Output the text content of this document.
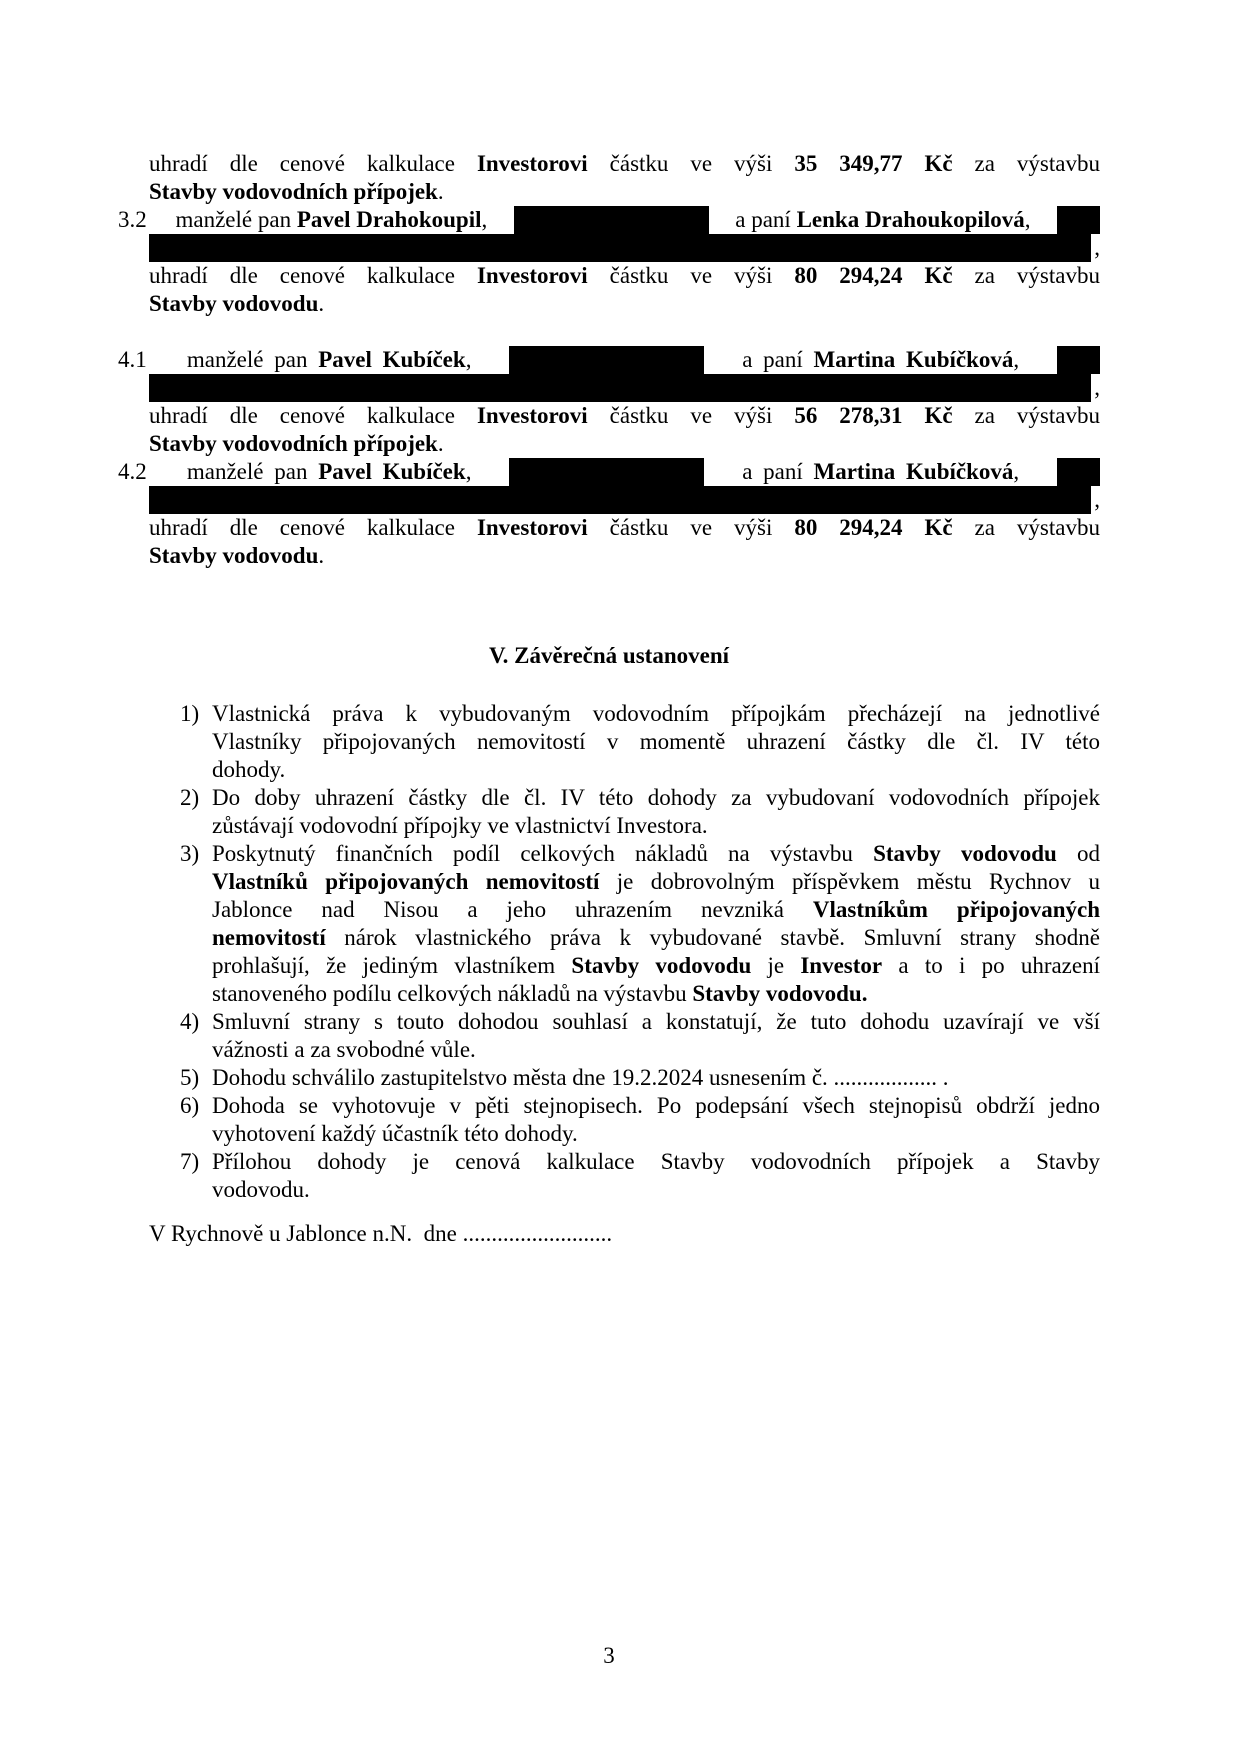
uhradí dle cenové kalkulace Investorovi částku ve výši 35 349,77 Kč za výstavbu
Stavby vodovodních přípojek.
3.2 manželé pan Pavel Drahokoupil,	a paní Lenka Drahoukopilová,
,
uhradí dle cenové kalkulace Investorovi částku ve výši 80 294,24 Kč za výstavbu
Stavby vodovodu.
4.1 manželé pan Pavel Kubíček,	a paní Martina Kubíčková,
,
uhradí dle cenové kalkulace Investorovi částku ve výši 56 278,31 Kč za výstavbu
Stavby vodovodních přípojek.
4.2 manželé pan Pavel Kubíček,	a paní Martina Kubíčková,
,
uhradí dle cenové kalkulace Investorovi částku ve výši 80 294,24 Kč za výstavbu
Stavby vodovodu.
V. Závěrečná ustanovení
1) Vlastnická práva k vybudovaným vodovodním přípojkám přecházejí na jednotlivé
Vlastníky připojovaných nemovitostí v momentě uhrazení částky dle čl. IV této
dohody.
2) Do doby uhrazení částky dle čl. IV této dohody za vybudovaní vodovodních přípojek
zůstávají vodovodní přípojky ve vlastnictví Investora.
3) Poskytnutý finančních podíl celkových nákladů na výstavbu Stavby vodovodu od
Vlastníků připojovaných nemovitostí je dobrovolným příspěvkem městu Rychnov u
Jablonce nad Nisou a jeho uhrazením nevzniká Vlastníkům připojovaných
nemovitostí nárok vlastnického práva k vybudované stavbě. Smluvní strany shodně
prohlašují, že jediným vlastníkem Stavby vodovodu je Investor a to i po uhrazení
stanoveného podílu celkových nákladů na výstavbu Stavby vodovodu.
4) Smluvní strany s touto dohodou souhlasí a konstatují, že tuto dohodu uzavírají ve vší
vážnosti a za svobodné vůle.
5) Dohodu schválilo zastupitelstvo města dne 19.2.2024 usnesením č. .................. .
6) Dohoda se vyhotovuje v pěti stejnopisech. Po podepsání všech stejnopisů obdrží jedno
vyhotovení každý účastník této dohody.
7) Přílohou dohody je cenová kalkulace Stavby vodovodních přípojek a Stavby
vodovodu.
V Rychnově u Jablonce n.N.  dne ..........................
3
